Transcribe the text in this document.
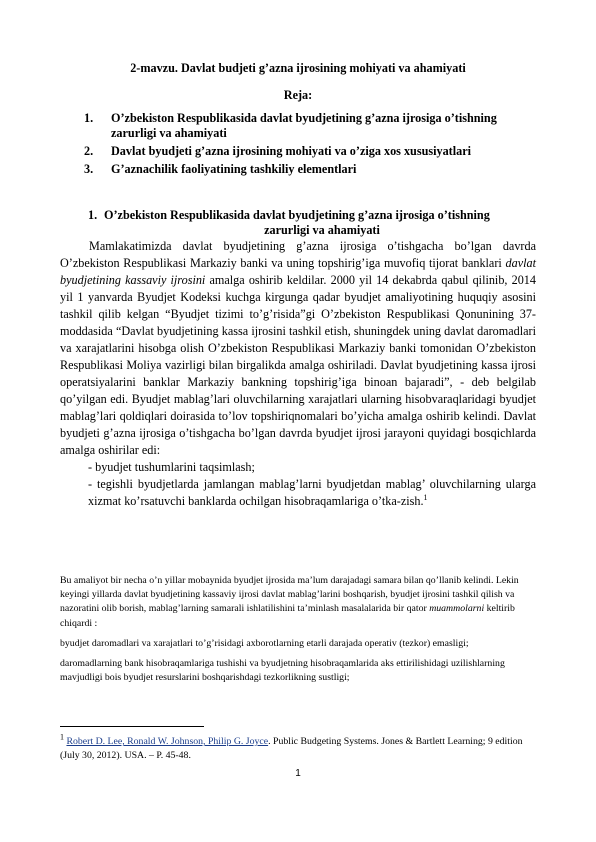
2-mavzu. Davlat budjeti g’azna ijrosining mohiyati va ahamiyati
Reja:
1. O’zbekiston Respublikasida davlat byudjetining g’azna ijrosiga o’tishning zarurligi va ahamiyati
2. Davlat byudjeti g’azna ijrosining mohiyati va o’ziga xos xususiyatlari
3. G’aznachilik faoliyatining tashkiliy elementlari
1. O’zbekiston Respublikasida davlat byudjetining g’azna ijrosiga o’tishning
zarurligi va ahamiyati

Mamlakatimizda davlat byudjetining g’azna ijrosiga o’tishgacha bo’lgan davrda O’zbekiston Respublikasi Markaziy banki va uning topshirig’iga muvofiq tijorat banklari davlat byudjetining kassaviy ijrosini amalga oshirib keldilar. 2000 yil 14 dekabrda qabul qilinib, 2014 yil 1 yanvarda Byudjet Kodeksi kuchga kirgunga qadar byudjet amaliyotining huquqiy asosini tashkil qilib kelgan “Byudjet tizimi to’g’risida”gi O’zbekiston Respublikasi Qonunining 37-moddasida “Davlat byudjetining kassa ijrosini tashkil etish, shuningdek uning davlat daromadlari va xarajatlarini hisobga olish O’zbekiston Respublikasi Markaziy banki tomonidan O’zbekiston Respublikasi Moliya vazirligi bilan birgalikda amalga oshiriladi. Davlat byudjetining kassa ijrosi operatsiyalarini banklar Markaziy bankning topshirig’iga binoan bajaradi”, - deb belgilab qo’yilgan edi. Byudjet mablag’lari oluvchilarning xarajatlari ularning hisobvaraqlaridagi byudjet mablag’lari qoldiqlari doirasida to’lov topshiriqnomalari bo’yicha amalga oshirib kelindi. Davlat byudjeti g’azna ijrosiga o’tishgacha bo’lgan davrda byudjet ijrosi jarayoni quyidagi bosqichlarda amalga oshirilar edi:

- byudjet tushumlarini taqsimlash;

- tegishli byudjetlarda jamlangan mablag’larni byudjetdan mablag’ oluvchilarning ularga xizmat ko’rsatuvchi banklarda ochilgan hisobraqamlariga o’tka-zish.$^1$

Bu amaliyot bir necha o’n yillar mobaynida byudjet ijrosida ma’lum darajadagi samara bilan qo’llanib kelindi. Lekin keyingi yillarda davlat byudjetining kassaviy ijrosi davlat mablag’larini boshqarish, byudjet ijrosini tashkil qilish va nazoratini olib borish, mablag’larning samarali ishlatilishini ta’minlash masalalarida bir qator muammolarni keltirib chiqardi :

byudjet daromadlari va xarajatlari to’g’risidagi axborotlarning etarli darajada operativ (tezkor) emasligi;

daromadlarning bank hisobraqamlariga tushishi va byudjetning hisobraqamlarida aks ettirilishidagi uzilishlarning mavjudligi bois byudjet resurslarini boshqarishdagi tezkorlikning sustligi;

$^1$ Robert D. Lee, Ronald W. Johnson, Philip G. Joyce. Public Budgeting Systems. Jones & Bartlett Learning; 9 edition (July 30, 2012). USA. – P. 45-48.
1
